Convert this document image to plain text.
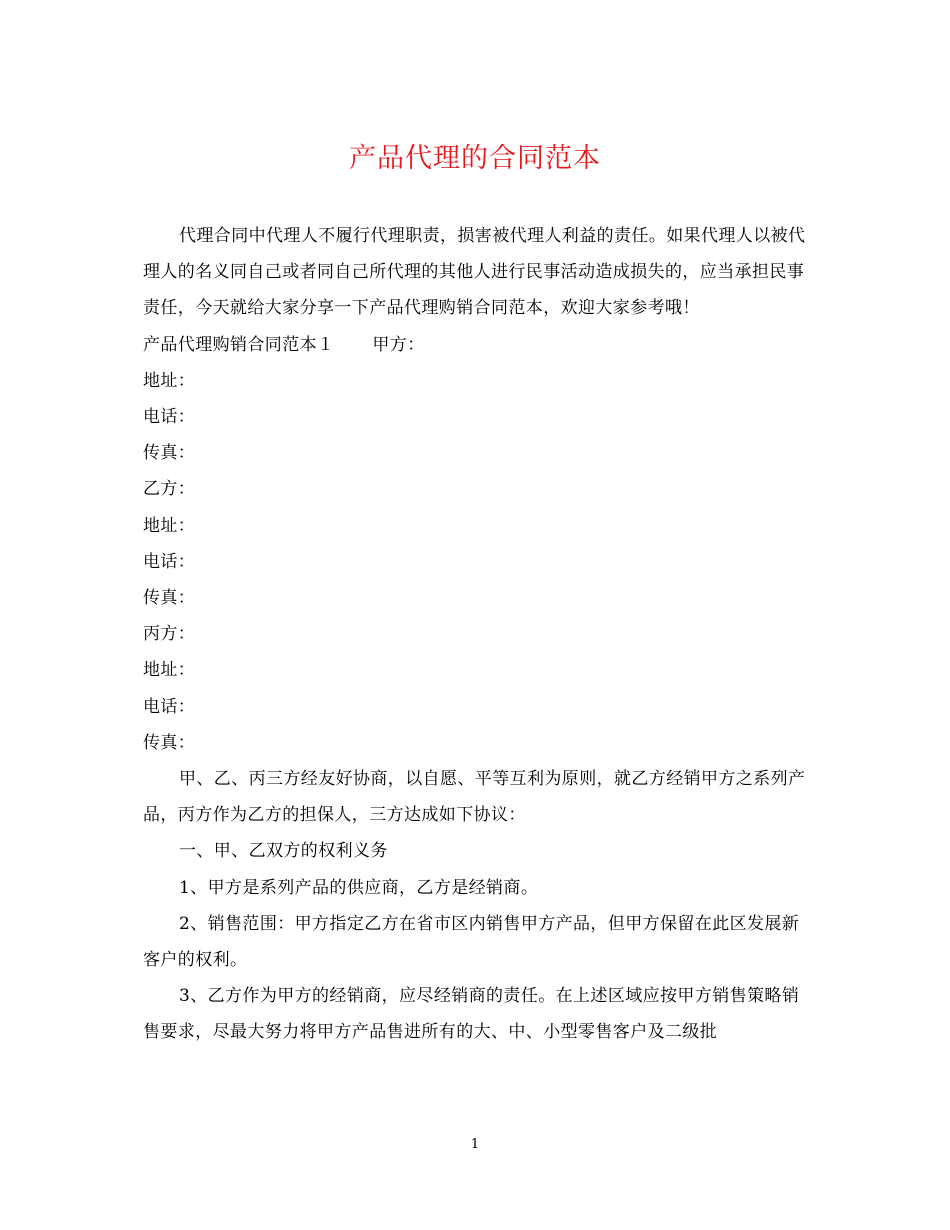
产品代理的合同范本

代理合同中代理人不履行代理职责，损害被代理人利益的责任。如果代理人以被代理人的名义同自己或者同自己所代理的其他人进行民事活动造成损失的，应当承担民事责任，今天就给大家分享一下产品代理购销合同范本，欢迎大家参考哦！

产品代理购销合同范本１ 甲方：

地址：

电话：

传真：

乙方：

地址：

电话：

传真：

丙方：

地址：

电话：

传真：

甲、乙、丙三方经友好协商，以自愿、平等互利为原则，就乙方经销甲方之系列产品，丙方作为乙方的担保人，三方达成如下协议：

一、甲、乙双方的权利义务

1、甲方是系列产品的供应商，乙方是经销商。

2、销售范围：甲方指定乙方在省市区内销售甲方产品，但甲方保留在此区发展新客户的权利。

3、乙方作为甲方的经销商，应尽经销商的责任。在上述区域应按甲方销售策略销售要求，尽最大努力将甲方产品售进所有的大、中、小型零售客户及二级批

1
